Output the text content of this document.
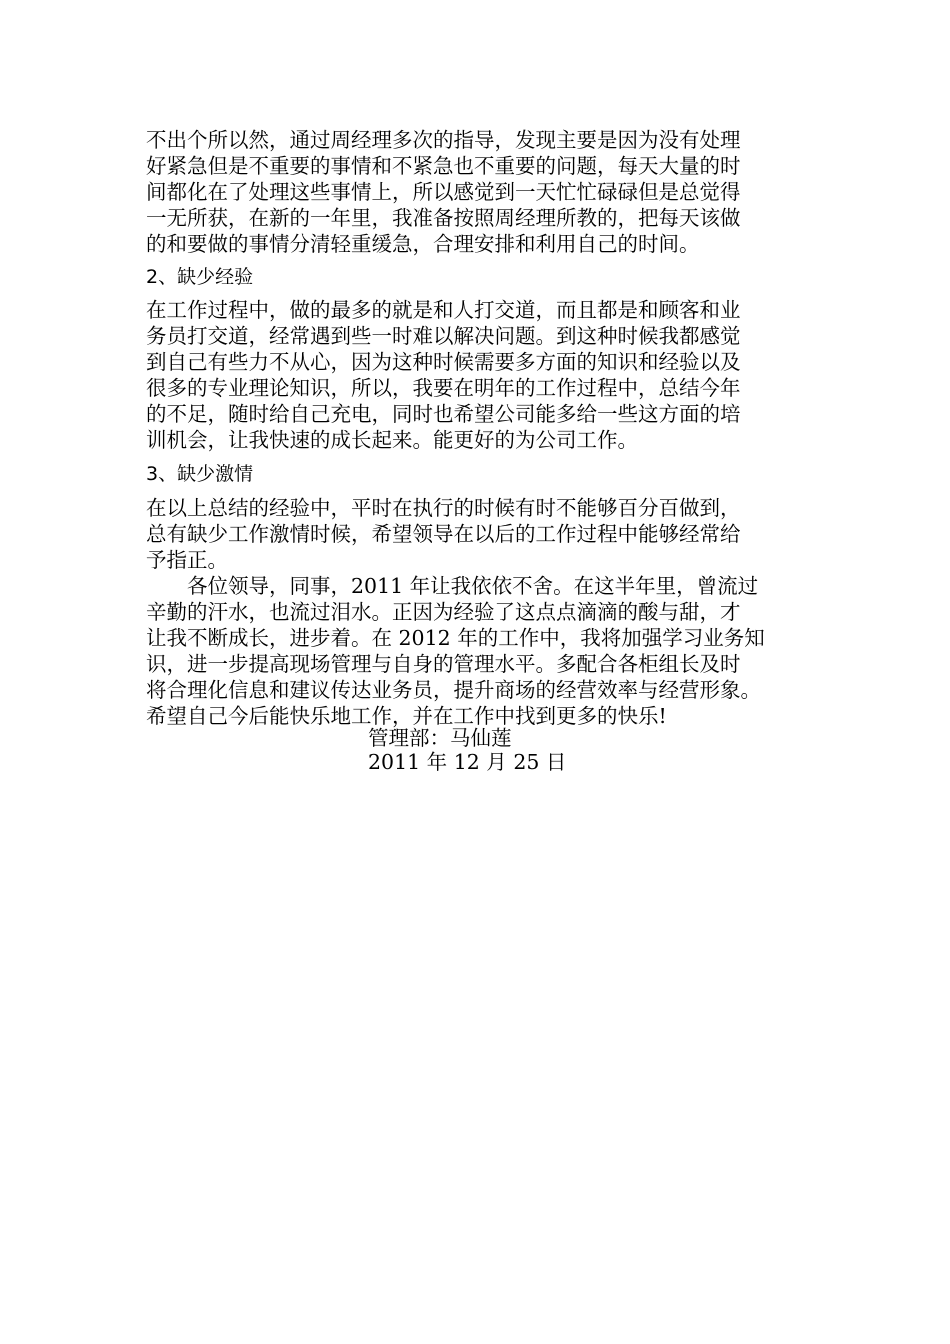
不出个所以然，通过周经理多次的指导，发现主要是因为没有处理
好紧急但是不重要的事情和不紧急也不重要的问题，每天大量的时
间都化在了处理这些事情上，所以感觉到一天忙忙碌碌但是总觉得
一无所获，在新的一年里，我准备按照周经理所教的，把每天该做
的和要做的事情分清轻重缓急，合理安排和利用自己的时间。
2、缺少经验
在工作过程中，做的最多的就是和人打交道，而且都是和顾客和业
务员打交道，经常遇到些一时难以解决问题。到这种时候我都感觉
到自己有些力不从心，因为这种时候需要多方面的知识和经验以及
很多的专业理论知识，所以，我要在明年的工作过程中，总结今年
的不足，随时给自己充电，同时也希望公司能多给一些这方面的培
训机会，让我快速的成长起来。能更好的为公司工作。
3、缺少激情
在以上总结的经验中，平时在执行的时候有时不能够百分百做到，
总有缺少工作激情时候，希望领导在以后的工作过程中能够经常给
予指正。
　　各位领导，同事，2011 年让我依依不舍。在这半年里，曾流过
辛勤的汗水，也流过泪水。正因为经验了这点点滴滴的酸与甜，才
让我不断成长，进步着。在 2012 年的工作中，我将加强学习业务知
识，进一步提高现场管理与自身的管理水平。多配合各柜组长及时
将合理化信息和建议传达业务员，提升商场的经营效率与经营形象。
希望自己今后能快乐地工作，并在工作中找到更多的快乐!
管理部：马仙莲
2011 年 12 月 25 日
